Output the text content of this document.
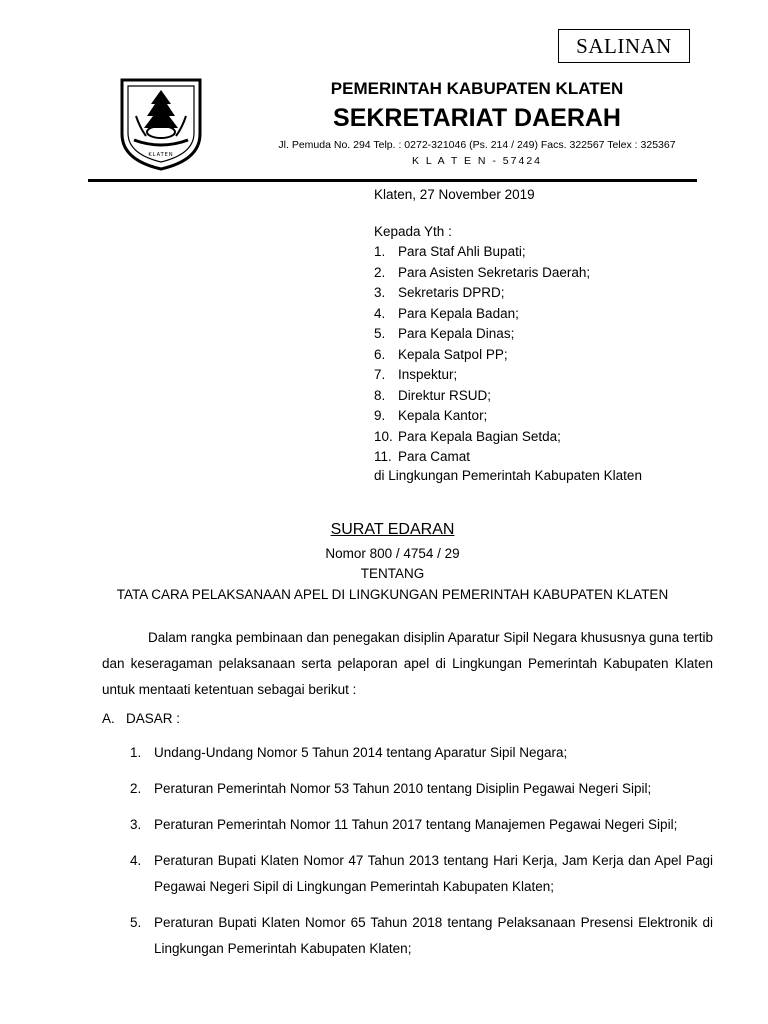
SALINAN
KLATEN
PEMERINTAH KABUPATEN KLATEN
SEKRETARIAT DAERAH
Jl. Pemuda No. 294 Telp. : 0272-321046 (Ps. 214 / 249) Facs. 322567 Telex : 325367
K L A T E N - 57424
Klaten, 27 November 2019
Kepada Yth :
1. Para Staf Ahli Bupati;
2. Para Asisten Sekretaris Daerah;
3. Sekretaris DPRD;
4. Para Kepala Badan;
5. Para Kepala Dinas;
6. Kepala Satpol PP;
7. Inspektur;
8. Direktur RSUD;
9. Kepala Kantor;
10. Para Kepala Bagian Setda;
11. Para Camat
di Lingkungan Pemerintah Kabupaten Klaten
SURAT EDARAN
Nomor 800 / 4754 / 29
TENTANG
TATA CARA PELAKSANAAN APEL DI LINGKUNGAN PEMERINTAH KABUPATEN KLATEN

Dalam rangka pembinaan dan penegakan disiplin Aparatur Sipil Negara khususnya guna tertib dan keseragaman pelaksanaan serta pelaporan apel di Lingkungan Pemerintah Kabupaten Klaten untuk mentaati ketentuan sebagai berikut :

A. DASAR :
1. Undang-Undang Nomor 5 Tahun 2014 tentang Aparatur Sipil Negara;
2. Peraturan Pemerintah Nomor 53 Tahun 2010 tentang Disiplin Pegawai Negeri Sipil;
3. Peraturan Pemerintah Nomor 11 Tahun 2017 tentang Manajemen Pegawai Negeri Sipil;
4. Peraturan Bupati Klaten Nomor 47 Tahun 2013 tentang Hari Kerja, Jam Kerja dan Apel Pagi Pegawai Negeri Sipil di Lingkungan Pemerintah Kabupaten Klaten;
5. Peraturan Bupati Klaten Nomor 65 Tahun 2018 tentang Pelaksanaan Presensi Elektronik di Lingkungan Pemerintah Kabupaten Klaten;
